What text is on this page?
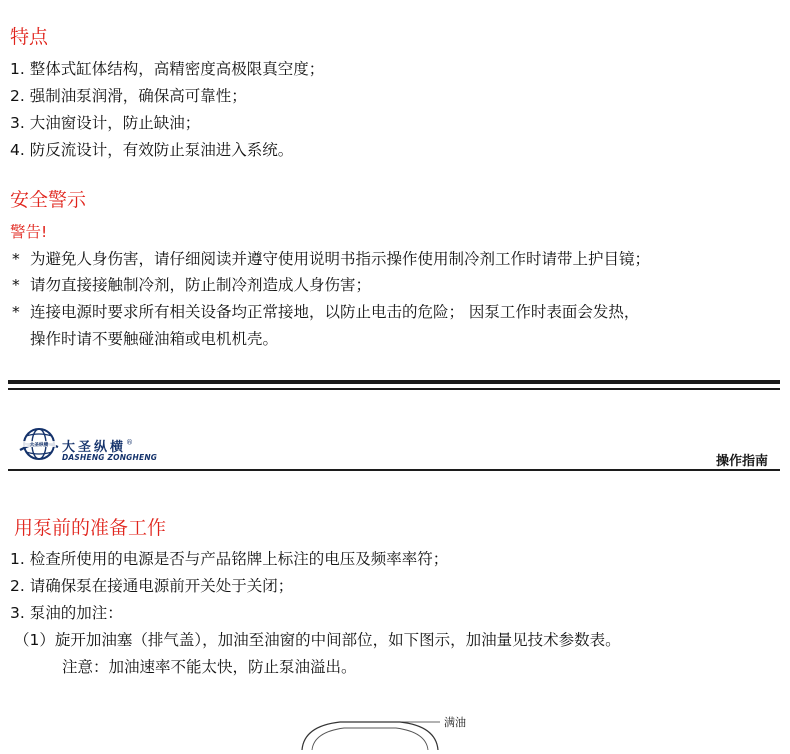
特点
1. 整体式缸体结构，高精密度高极限真空度；
2. 强制油泵润滑，确保高可靠性；
3. 大油窗设计，防止缺油；
4. 防反流设计，有效防止泵油进入系统。
安全警示
警告!
* 为避免人身伤害，请仔细阅读并遵守使用说明书指示操作使用制冷剂工作时请带上护目镜；
* 请勿直接接触制冷剂，防止制冷剂造成人身伤害；
* 连接电源时要求所有相关设备均正常接地，以防止电击的危险； 因泵工作时表面会发热，
操作时请不要触碰油箱或电机机壳。
大圣纵横 大圣纵横®
DASHENG ZONGHENG	操作指南
用泵前的准备工作
1. 检查所使用的电源是否与产品铭牌上标注的电压及频率率符；
2. 请确保泵在接通电源前开关处于关闭；
3. 泵油的加注：
（1）旋开加油塞（排气盖），加油至油窗的中间部位，如下图示，加油量见技术参数表。
注意：加油速率不能太快，防止泵油溢出。
满油
